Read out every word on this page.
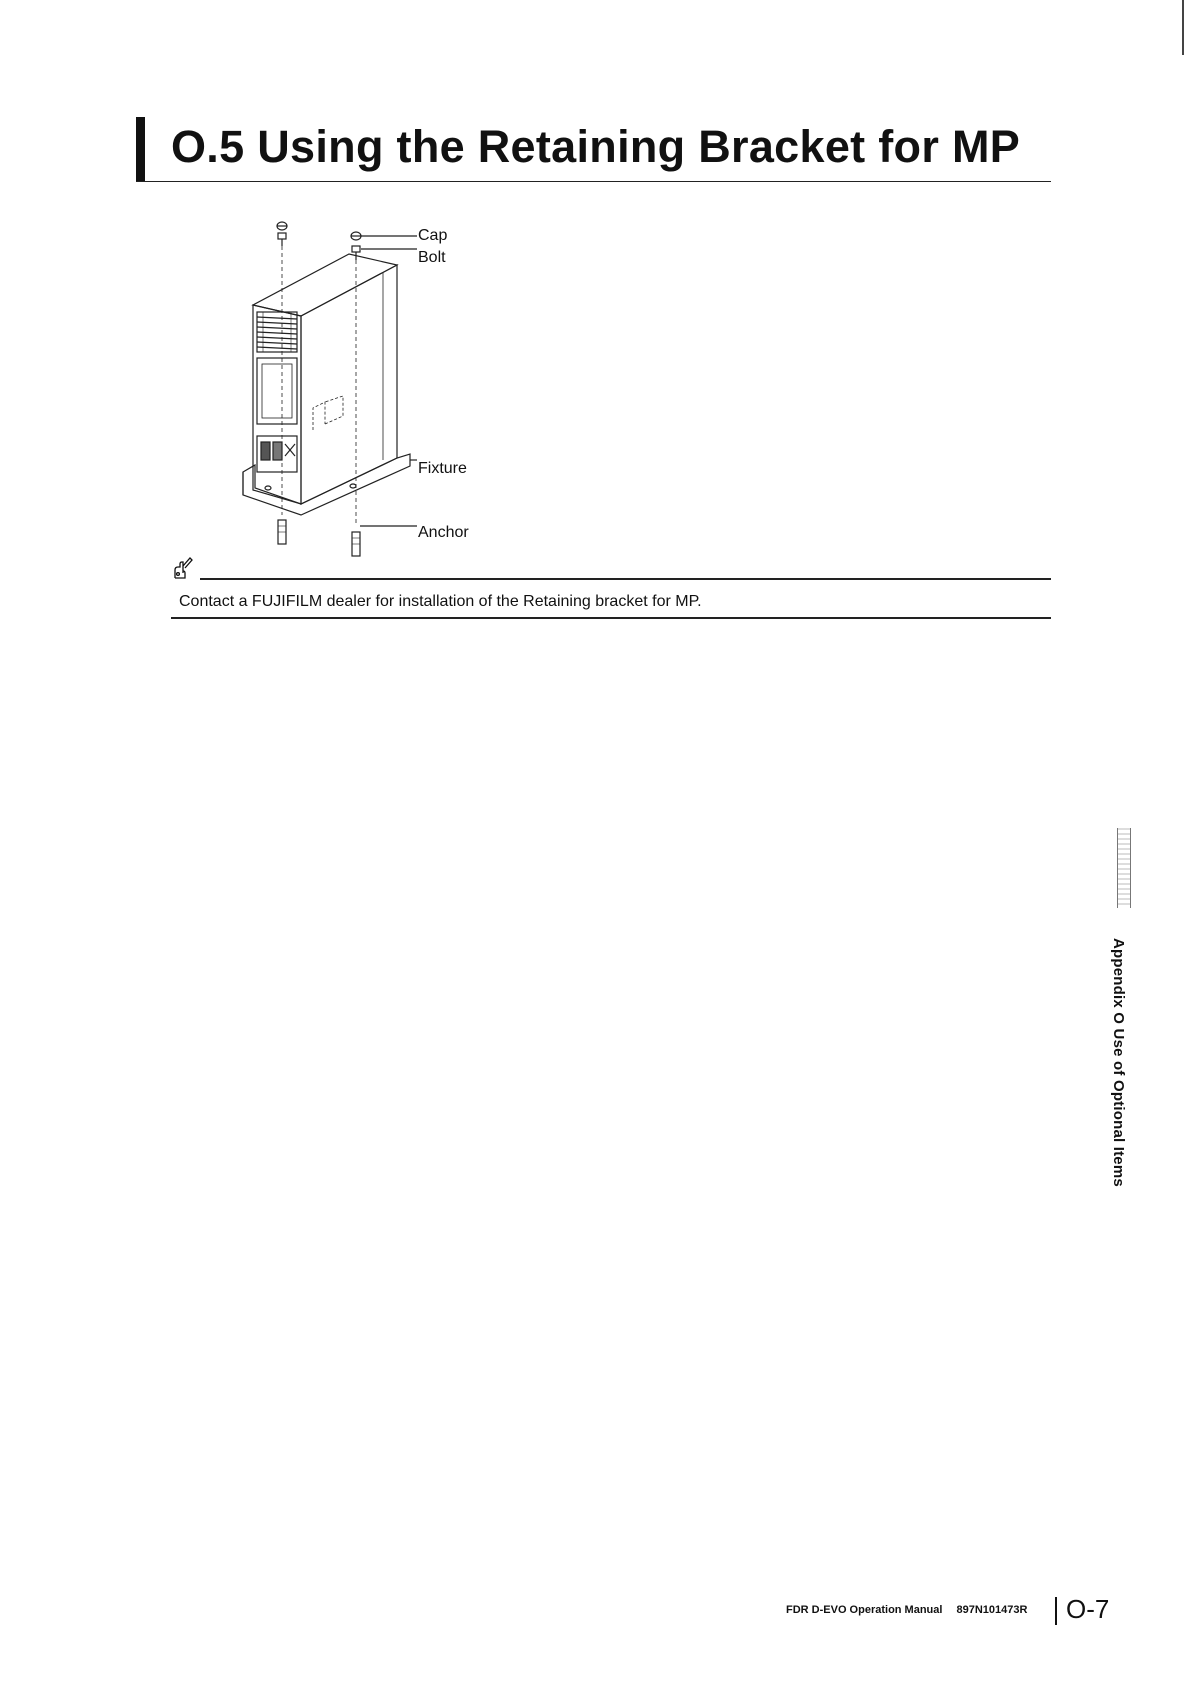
O.5 Using the Retaining Bracket for MP
Cap
Bolt
Fixture
Anchor
Contact a FUJIFILM dealer for installation of the Retaining bracket for MP.
Appendix O Use of Optional Items
FDR D-EVO Operation Manual 897N101473R O-7
